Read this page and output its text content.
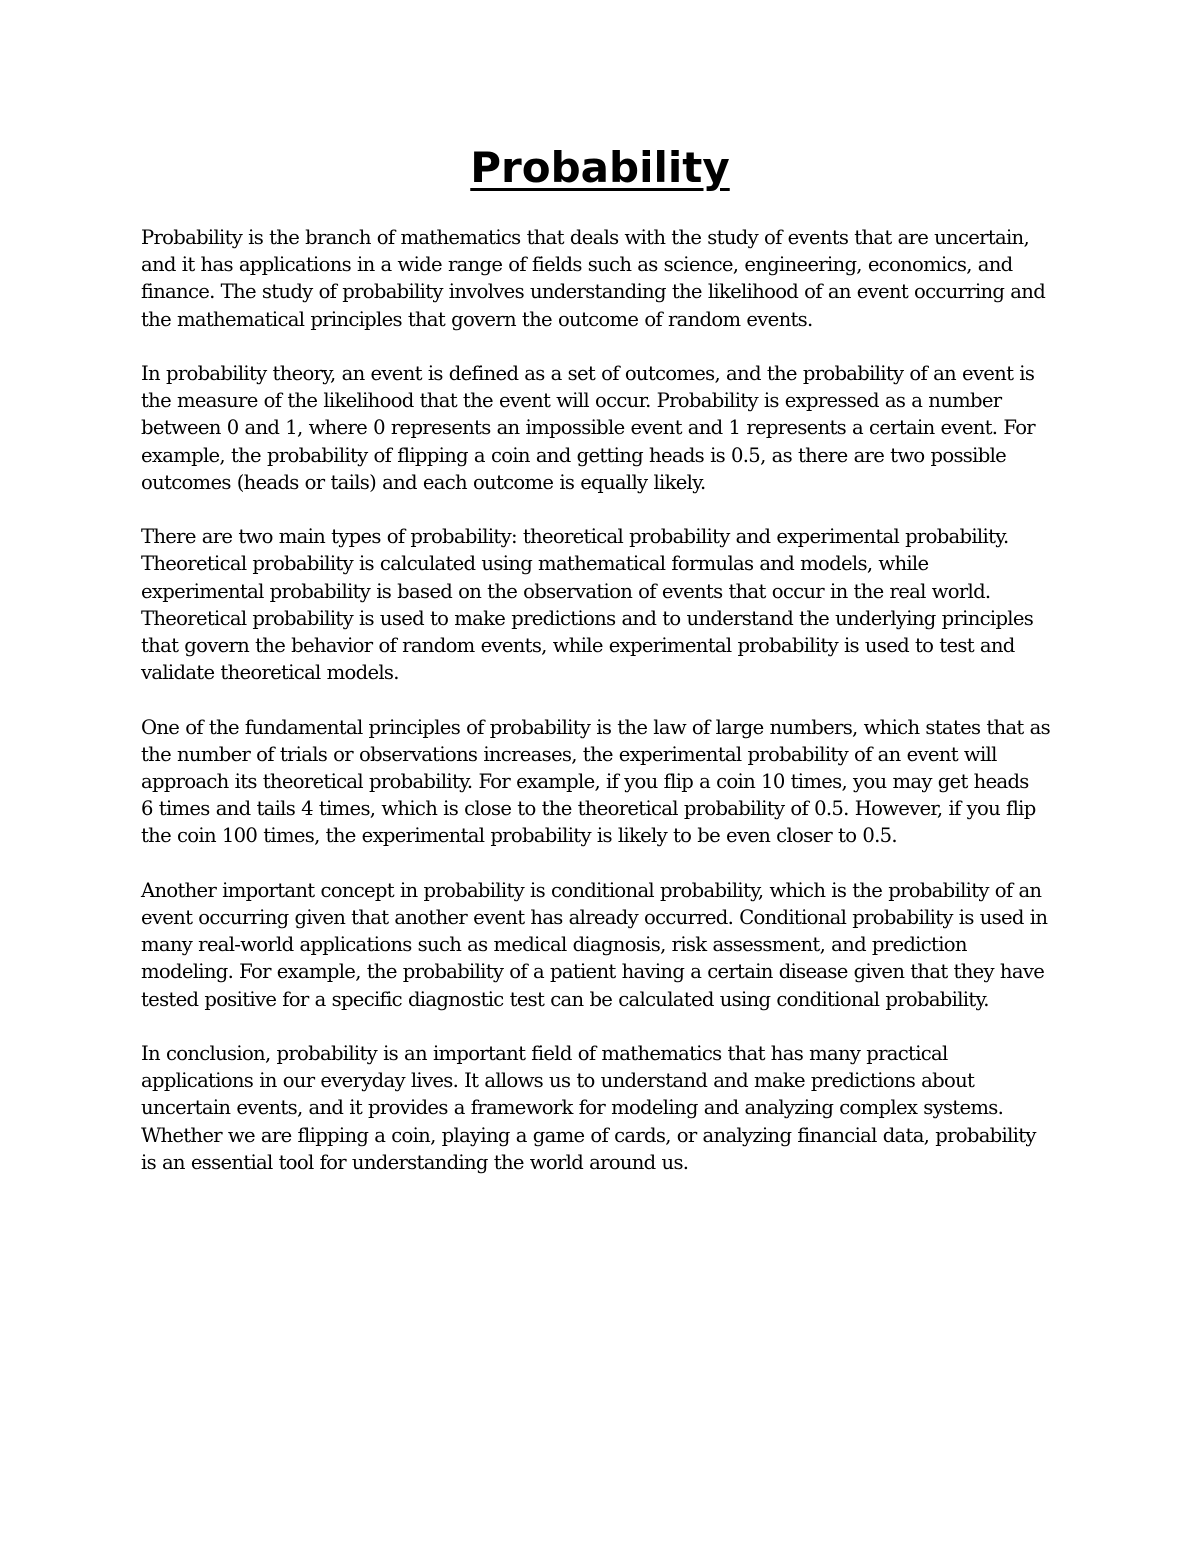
Probability

Probability is the branch of mathematics that deals with the study of events that are uncertain,
and it has applications in a wide range of fields such as science, engineering, economics, and
finance. The study of probability involves understanding the likelihood of an event occurring and
the mathematical principles that govern the outcome of random events.

In probability theory, an event is defined as a set of outcomes, and the probability of an event is
the measure of the likelihood that the event will occur. Probability is expressed as a number
between 0 and 1, where 0 represents an impossible event and 1 represents a certain event. For
example, the probability of flipping a coin and getting heads is 0.5, as there are two possible
outcomes (heads or tails) and each outcome is equally likely.

There are two main types of probability: theoretical probability and experimental probability.
Theoretical probability is calculated using mathematical formulas and models, while
experimental probability is based on the observation of events that occur in the real world.
Theoretical probability is used to make predictions and to understand the underlying principles
that govern the behavior of random events, while experimental probability is used to test and
validate theoretical models.

One of the fundamental principles of probability is the law of large numbers, which states that as
the number of trials or observations increases, the experimental probability of an event will
approach its theoretical probability. For example, if you flip a coin 10 times, you may get heads
6 times and tails 4 times, which is close to the theoretical probability of 0.5. However, if you flip
the coin 100 times, the experimental probability is likely to be even closer to 0.5.

Another important concept in probability is conditional probability, which is the probability of an
event occurring given that another event has already occurred. Conditional probability is used in
many real-world applications such as medical diagnosis, risk assessment, and prediction
modeling. For example, the probability of a patient having a certain disease given that they have
tested positive for a specific diagnostic test can be calculated using conditional probability.

In conclusion, probability is an important field of mathematics that has many practical
applications in our everyday lives. It allows us to understand and make predictions about
uncertain events, and it provides a framework for modeling and analyzing complex systems.
Whether we are flipping a coin, playing a game of cards, or analyzing financial data, probability
is an essential tool for understanding the world around us.
